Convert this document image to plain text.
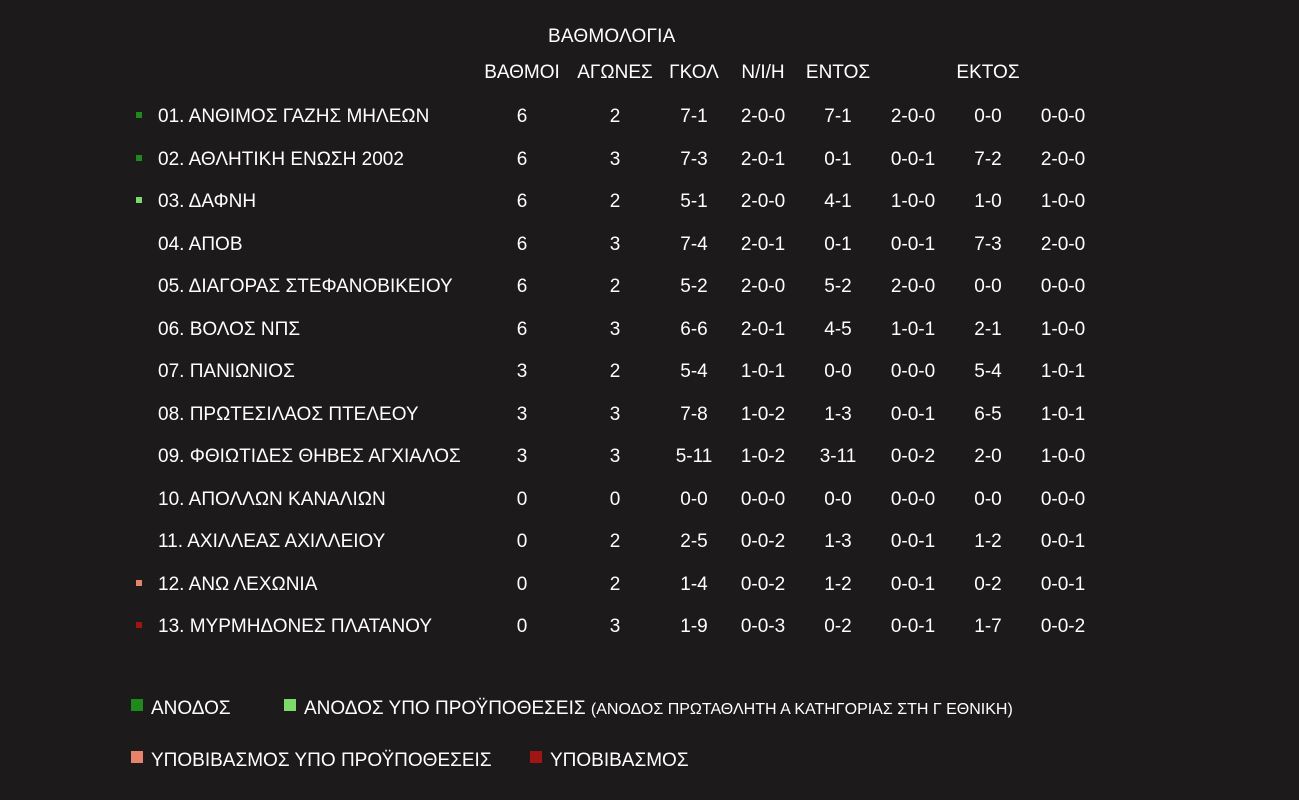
ΒΑΘΜΟΛΟΓΙΑ
ΒΑΘΜΟΙ ΑΓΩΝΕΣ ΓΚΟΛ Ν/Ι/Η ΕΝΤΟΣ	ΕΚΤΟΣ
01. ΑΝΘΙΜΟΣ ΓΑΖΗΣ ΜΗΛΕΩΝ	6	2	7-1 2-0-0 7-1 2-0-0 0-0 0-0-0
02. ΑΘΛΗΤΙΚΗ ΕΝΩΣΗ 2002	6	3	7-3 2-0-1 0-1 0-0-1 7-2 2-0-0
03. ΔΑΦΝΗ	6	2	5-1 2-0-0 4-1 1-0-0 1-0 1-0-0
04. ΑΠΟΒ	6	3	7-4 2-0-1 0-1 0-0-1 7-3 2-0-0
05. ΔΙΑΓΟΡΑΣ ΣΤΕΦΑΝΟΒΙΚΕΙΟΥ	6	2	5-2 2-0-0 5-2 2-0-0 0-0 0-0-0
06. ΒΟΛΟΣ ΝΠΣ	6	3	6-6 2-0-1 4-5 1-0-1 2-1 1-0-0
07. ΠΑΝΙΩΝΙΟΣ	3	2	5-4 1-0-1 0-0 0-0-0 5-4 1-0-1
08. ΠΡΩΤΕΣΙΛΑΟΣ ΠΤΕΛΕΟΥ	3	3	7-8 1-0-2 1-3 0-0-1 6-5 1-0-1
09. ΦΘΙΩΤΙΔΕΣ ΘΗΒΕΣ ΑΓΧΙΑΛΟΣ	3	3	5-11 1-0-2 3-11 0-0-2 2-0 1-0-0
10. ΑΠΟΛΛΩΝ ΚΑΝΑΛΙΩΝ	0	0	0-0 0-0-0 0-0 0-0-0 0-0 0-0-0
11. ΑΧΙΛΛΕΑΣ ΑΧΙΛΛΕΙΟΥ	0	2	2-5 0-0-2 1-3 0-0-1 1-2 0-0-1
12. ΑΝΩ ΛΕΧΩΝΙΑ	0	2	1-4 0-0-2 1-2 0-0-1 0-2 0-0-1
13. ΜΥΡΜΗΔΟΝΕΣ ΠΛΑΤΑΝΟΥ	0	3	1-9 0-0-3 0-2 0-0-1 1-7 0-0-2
ΑΝΟΔΟΣ	ΑΝΟΔΟΣ ΥΠΟ ΠΡΟΫΠΟΘΕΣΕΙΣ (ΑΝΟΔΟΣ ΠΡΩΤΑΘΛΗΤΗ Α ΚΑΤΗΓΟΡΙΑΣ ΣΤΗ Γ ΕΘΝΙΚΗ)
ΥΠΟΒΙΒΑΣΜΟΣ ΥΠΟ ΠΡΟΫΠΟΘΕΣΕΙΣ	ΥΠΟΒΙΒΑΣΜΟΣ
